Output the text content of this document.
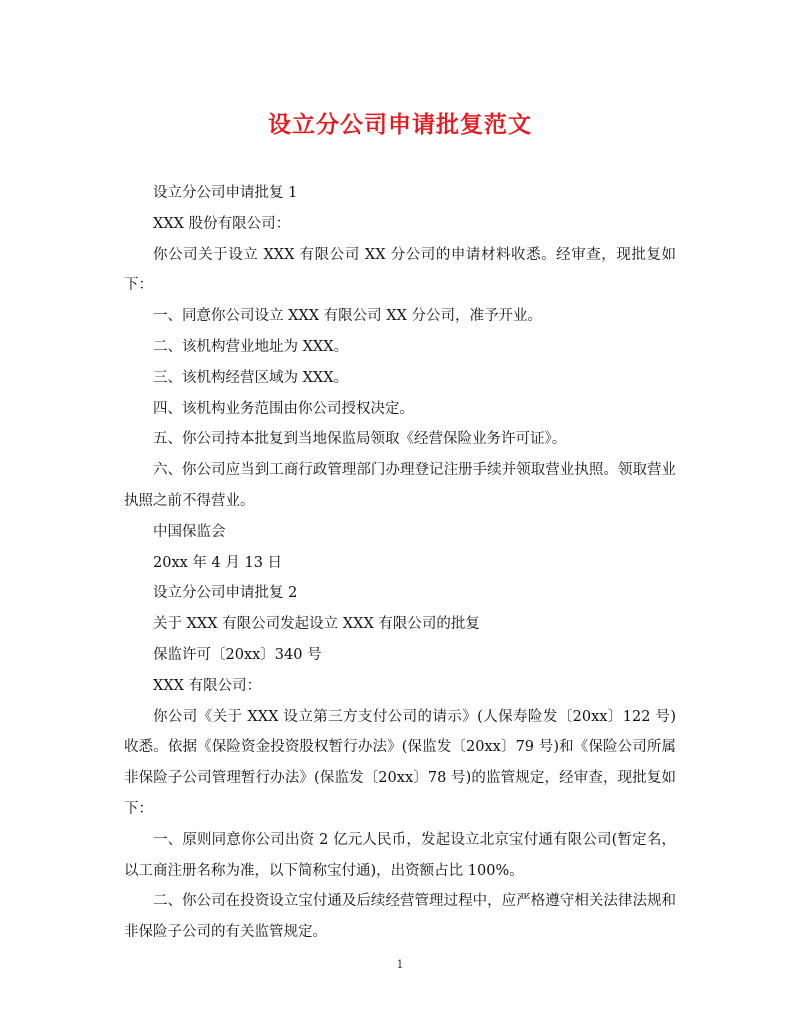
设立分公司申请批复范文

设立分公司申请批复 1

XXX 股份有限公司：

你公司关于设立 XXX 有限公司 XX 分公司的申请材料收悉。经审查，现批复如下：

一、同意你公司设立 XXX 有限公司 XX 分公司，准予开业。

二、该机构营业地址为 XXX。

三、该机构经营区域为 XXX。

四、该机构业务范围由你公司授权决定。

五、你公司持本批复到当地保监局领取《经营保险业务许可证》。

六、你公司应当到工商行政管理部门办理登记注册手续并领取营业执照。领取营业执照之前不得营业。

中国保监会

20xx 年 4 月 13 日

设立分公司申请批复 2

关于 XXX 有限公司发起设立 XXX 有限公司的批复

保监许可〔20xx〕340 号

XXX 有限公司：

你公司《关于 XXX 设立第三方支付公司的请示》(人保寿险发〔20xx〕122 号)收悉。依据《保险资金投资股权暂行办法》(保监发〔20xx〕79 号)和《保险公司所属非保险子公司管理暂行办法》(保监发〔20xx〕78 号)的监管规定，经审查，现批复如下：

一、原则同意你公司出资 2 亿元人民币，发起设立北京宝付通有限公司(暂定名，以工商注册名称为准，以下简称宝付通)，出资额占比 100%。

二、你公司在投资设立宝付通及后续经营管理过程中，应严格遵守相关法律法规和非保险子公司的有关监管规定。

1
